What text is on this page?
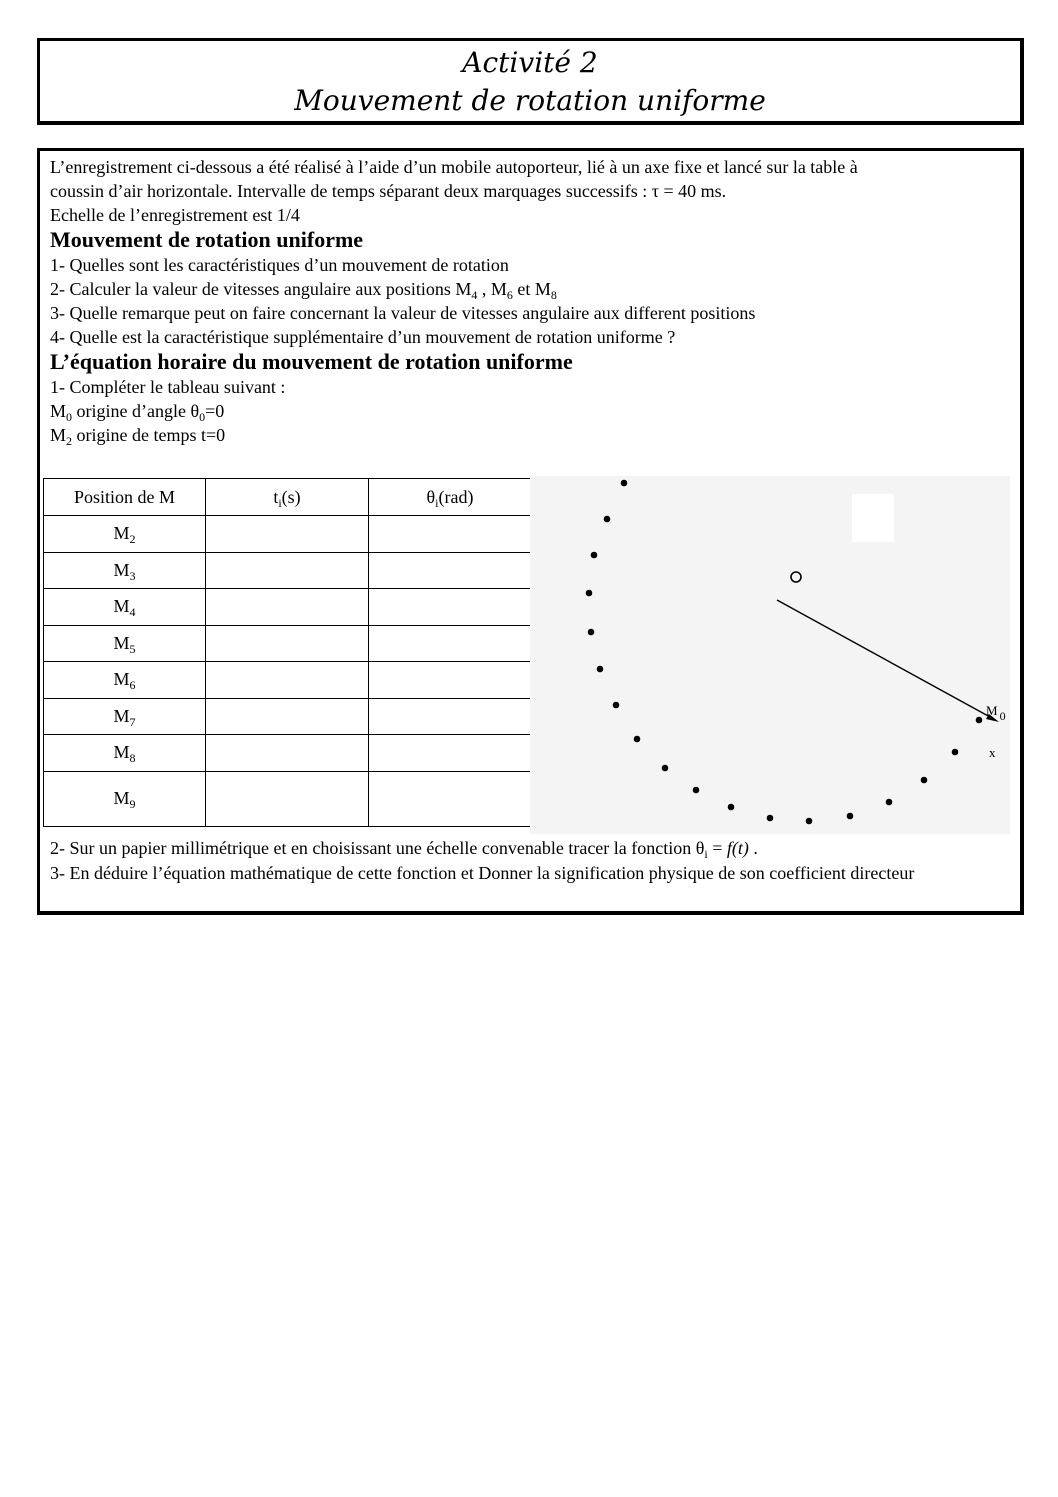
Activité 2
Mouvement de rotation uniforme
L’enregistrement ci-dessous a été réalisé à l’aide d’un mobile autoporteur, lié à un axe fixe et lancé sur la table à
coussin d’air horizontale. Intervalle de temps séparant deux marquages successifs : τ = 40 ms.
Echelle de l’enregistrement est 1/4
Mouvement de rotation uniforme
1- Quelles sont les caractéristiques d’un mouvement de rotation
2- Calculer la valeur de vitesses angulaire aux positions $M_4$ , $M_6$ et $M_8$
3- Quelle remarque peut on faire concernant la valeur de vitesses angulaire aux different positions
4- Quelle est la caractéristique supplémentaire d’un mouvement de rotation uniforme ?
L’équation horaire du mouvement de rotation uniforme
1- Compléter le tableau suivant :
$M_0$ origine d’angle $\theta_0=0$
$M_2$ origine de temps t=0
Position de M	$t_i(s)$	$\theta_i(rad)$
$M_2$		
$M_3$		
$M_4$		
$M_5$		
$M_6$		
$M_7$		
$M_8$		
$M_9$		
M 0
x
2- Sur un papier millimétrique et en choisissant une échelle convenable tracer la fonction $\theta_i = f(t)$ .
3- En déduire l’équation mathématique de cette fonction et Donner la signification physique de son coefficient directeur
